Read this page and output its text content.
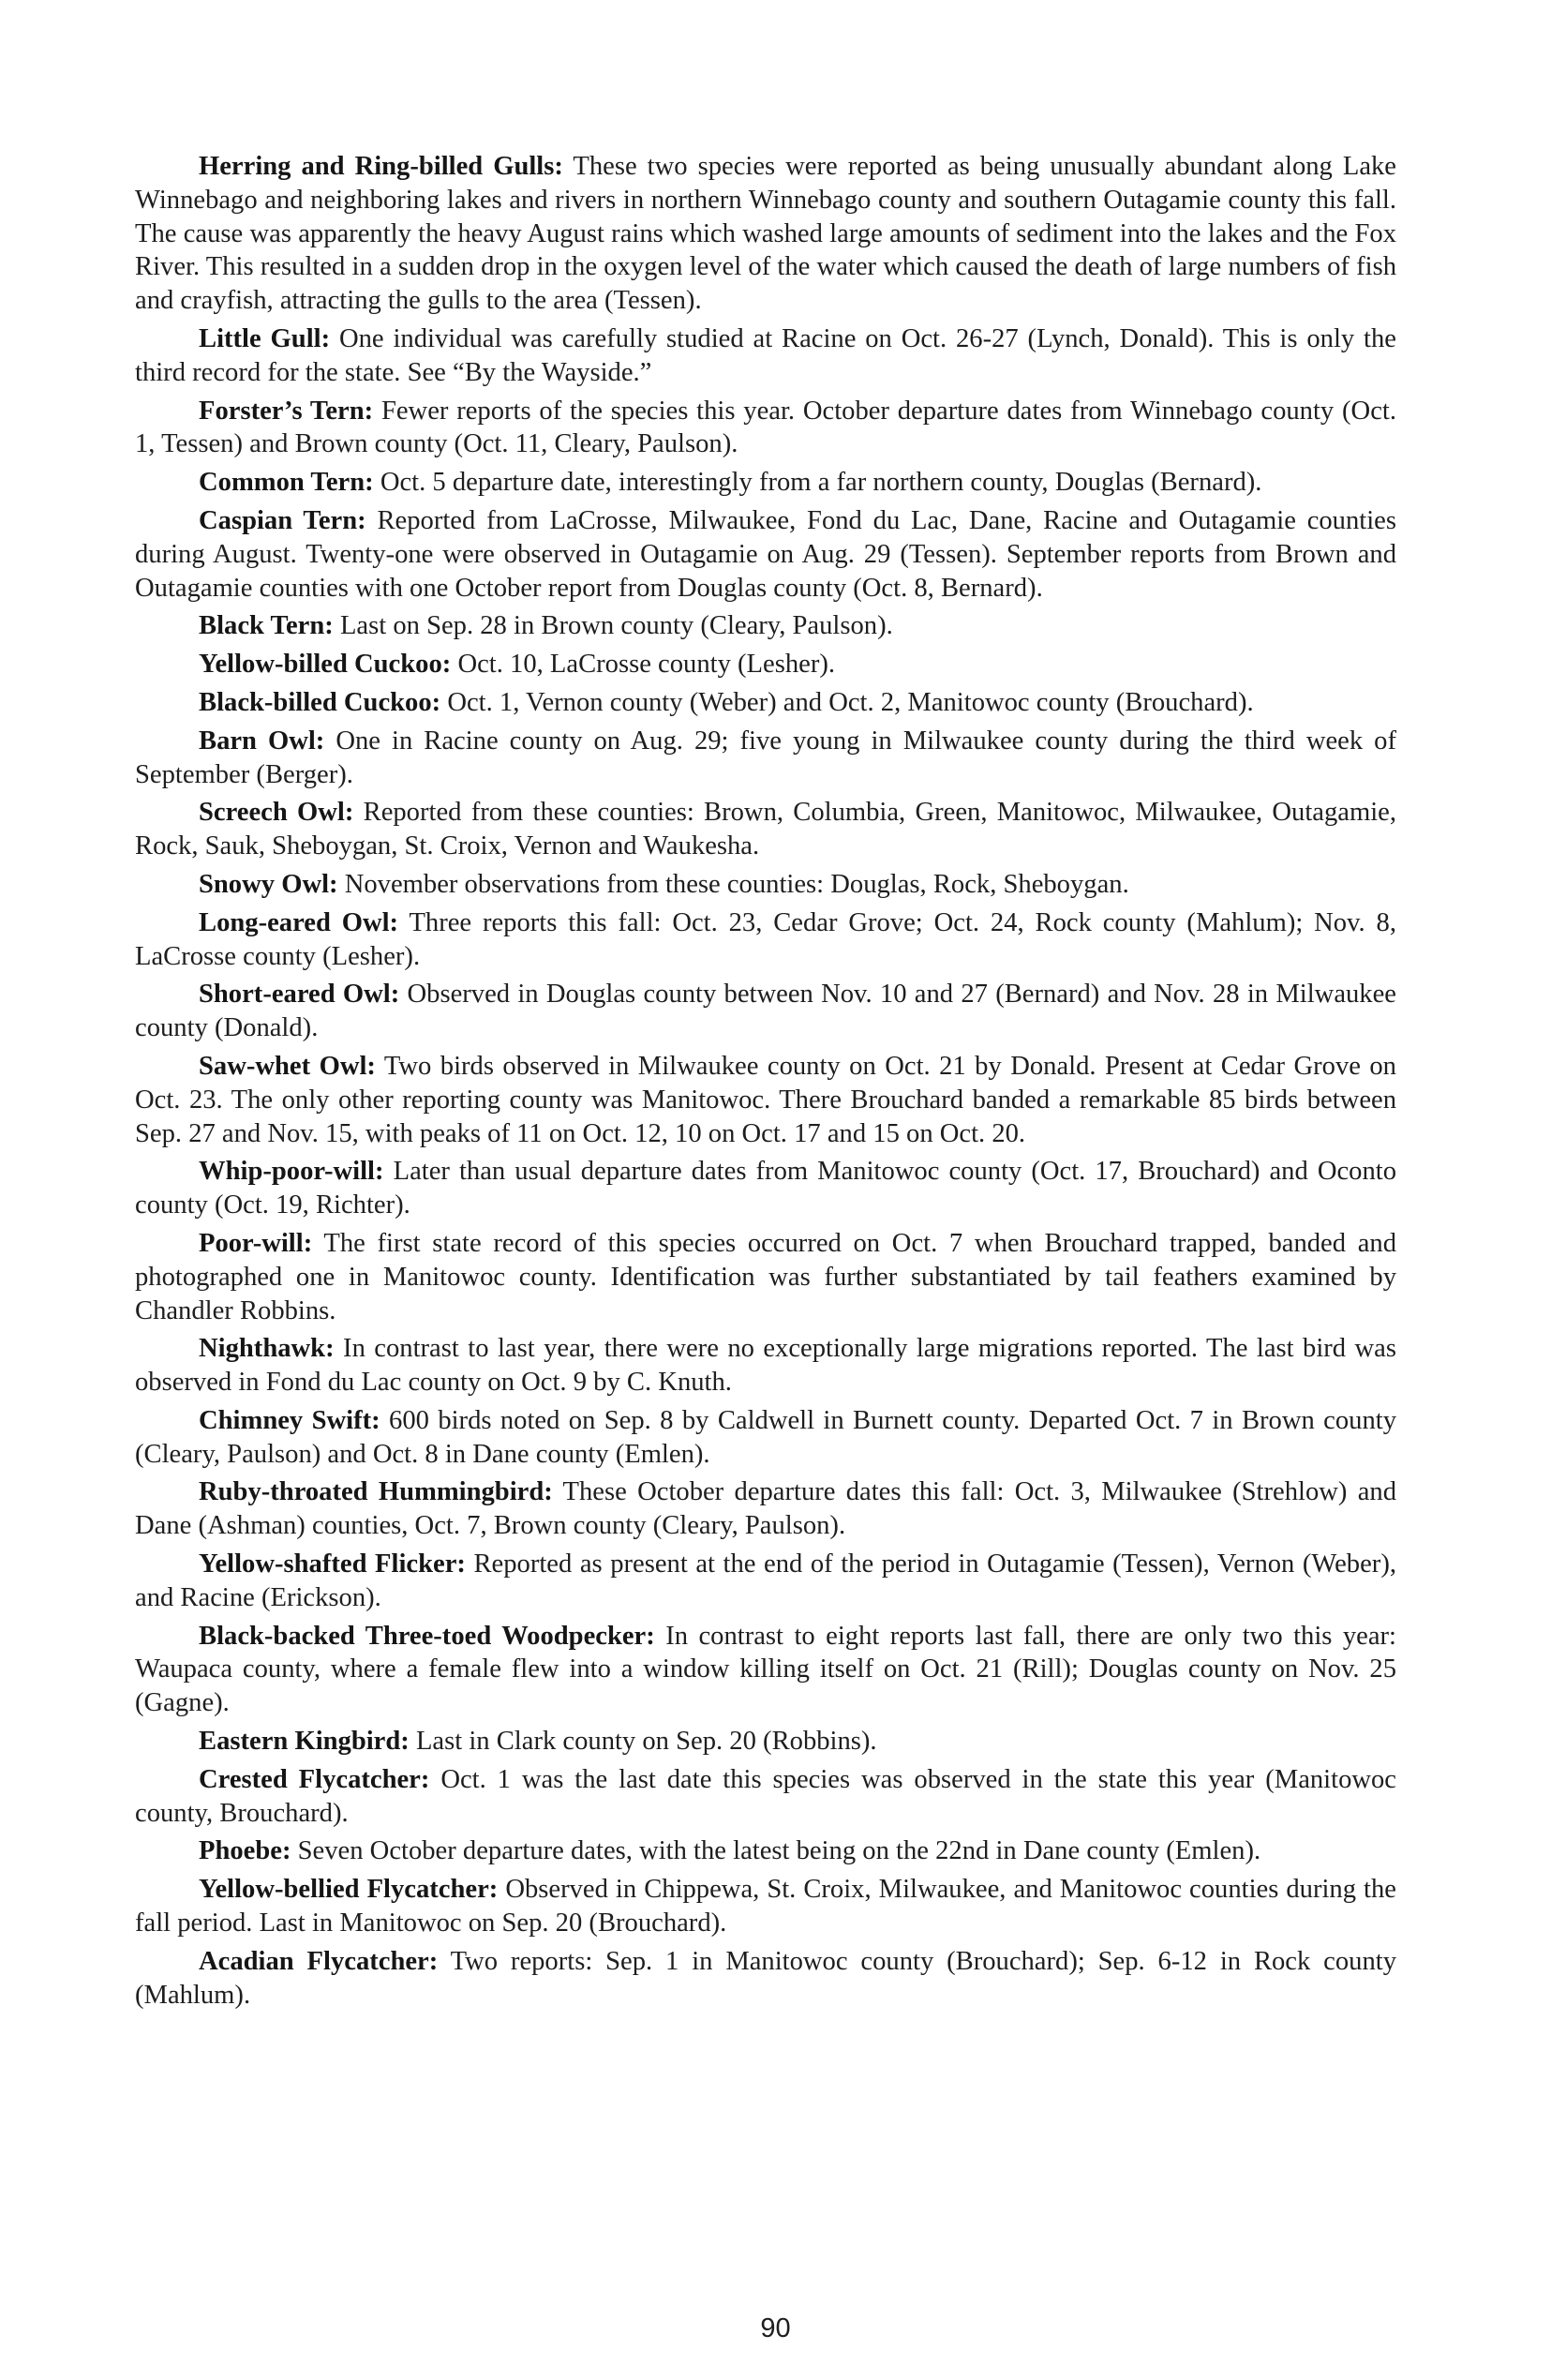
Herring and Ring-billed Gulls: These two species were reported as being unusually abundant along Lake Winnebago and neighboring lakes and rivers in northern Winnebago county and southern Outagamie county this fall. The cause was apparently the heavy August rains which washed large amounts of sediment into the lakes and the Fox River. This resulted in a sudden drop in the oxygen level of the water which caused the death of large numbers of fish and crayfish, attracting the gulls to the area (Tessen).

Little Gull: One individual was carefully studied at Racine on Oct. 26-27 (Lynch, Donald). This is only the third record for the state. See “By the Wayside.”

Forster’s Tern: Fewer reports of the species this year. October departure dates from Winnebago county (Oct. 1, Tessen) and Brown county (Oct. 11, Cleary, Paulson).

Common Tern: Oct. 5 departure date, interestingly from a far northern county, Douglas (Bernard).

Caspian Tern: Reported from LaCrosse, Milwaukee, Fond du Lac, Dane, Racine and Outagamie counties during August. Twenty-one were observed in Outagamie on Aug. 29 (Tessen). September reports from Brown and Outagamie counties with one October report from Douglas county (Oct. 8, Bernard).

Black Tern: Last on Sep. 28 in Brown county (Cleary, Paulson).

Yellow-billed Cuckoo: Oct. 10, LaCrosse county (Lesher).

Black-billed Cuckoo: Oct. 1, Vernon county (Weber) and Oct. 2, Manitowoc county (Brouchard).

Barn Owl: One in Racine county on Aug. 29; five young in Milwaukee county during the third week of September (Berger).

Screech Owl: Reported from these counties: Brown, Columbia, Green, Manitowoc, Milwaukee, Outagamie, Rock, Sauk, Sheboygan, St. Croix, Vernon and Waukesha.

Snowy Owl: November observations from these counties: Douglas, Rock, Sheboygan.

Long-eared Owl: Three reports this fall: Oct. 23, Cedar Grove; Oct. 24, Rock county (Mahlum); Nov. 8, LaCrosse county (Lesher).

Short-eared Owl: Observed in Douglas county between Nov. 10 and 27 (Bernard) and Nov. 28 in Milwaukee county (Donald).

Saw-whet Owl: Two birds observed in Milwaukee county on Oct. 21 by Donald. Present at Cedar Grove on Oct. 23. The only other reporting county was Manitowoc. There Brouchard banded a remarkable 85 birds between Sep. 27 and Nov. 15, with peaks of 11 on Oct. 12, 10 on Oct. 17 and 15 on Oct. 20.

Whip-poor-will: Later than usual departure dates from Manitowoc county (Oct. 17, Brouchard) and Oconto county (Oct. 19, Richter).

Poor-will: The first state record of this species occurred on Oct. 7 when Brouchard trapped, banded and photographed one in Manitowoc county. Identification was further substantiated by tail feathers examined by Chandler Robbins.

Nighthawk: In contrast to last year, there were no exceptionally large migrations reported. The last bird was observed in Fond du Lac county on Oct. 9 by C. Knuth.

Chimney Swift: 600 birds noted on Sep. 8 by Caldwell in Burnett county. Departed Oct. 7 in Brown county (Cleary, Paulson) and Oct. 8 in Dane county (Emlen).

Ruby-throated Hummingbird: These October departure dates this fall: Oct. 3, Milwaukee (Strehlow) and Dane (Ashman) counties, Oct. 7, Brown county (Cleary, Paulson).

Yellow-shafted Flicker: Reported as present at the end of the period in Outagamie (Tessen), Vernon (Weber), and Racine (Erickson).

Black-backed Three-toed Woodpecker: In contrast to eight reports last fall, there are only two this year: Waupaca county, where a female flew into a window killing itself on Oct. 21 (Rill); Douglas county on Nov. 25 (Gagne).

Eastern Kingbird: Last in Clark county on Sep. 20 (Robbins).

Crested Flycatcher: Oct. 1 was the last date this species was observed in the state this year (Manitowoc county, Brouchard).

Phoebe: Seven October departure dates, with the latest being on the 22nd in Dane county (Emlen).

Yellow-bellied Flycatcher: Observed in Chippewa, St. Croix, Milwaukee, and Manitowoc counties during the fall period. Last in Manitowoc on Sep. 20 (Brouchard).

Acadian Flycatcher: Two reports: Sep. 1 in Manitowoc county (Brouchard); Sep. 6-12 in Rock county (Mahlum).

90
